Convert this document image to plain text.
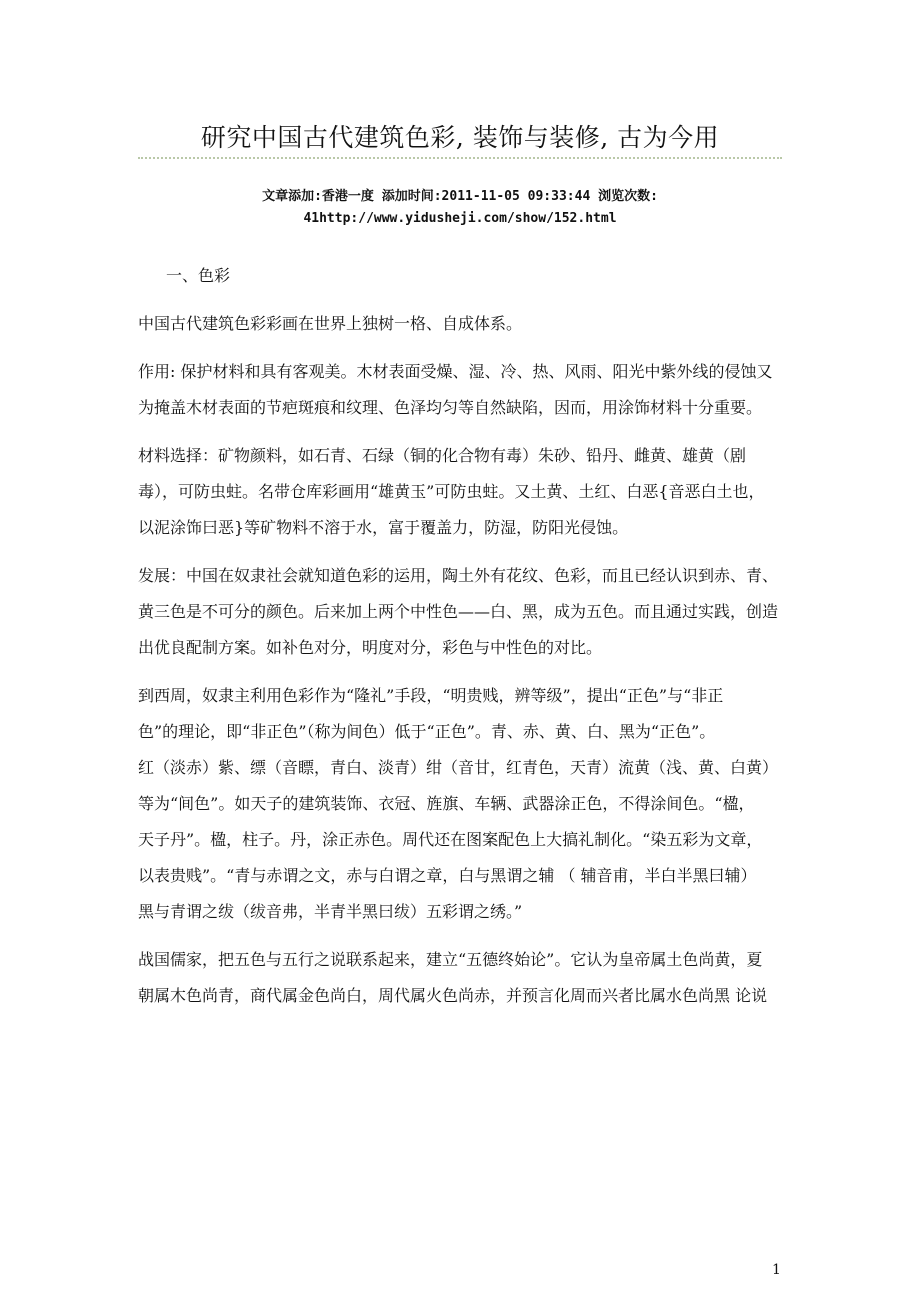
研究中国古代建筑色彩, 装饰与装修, 古为今用
文章添加:香港一度 添加时间:2011-11-05 09:33:44 浏览次数:
41http://www.yidusheji.com/show/152.html
一、色彩
中国古代建筑色彩彩画在世界上独树一格、自成体系。
作用: 保护材料和具有客观美。木材表面受燥、湿、冷、热、风雨、阳光中紫外线的侵蚀又
为掩盖木材表面的节疤斑痕和纹理、色泽均匀等自然缺陷，因而，用涂饰材料十分重要。
材料选择：矿物颜料，如石青、石绿（铜的化合物有毒）朱砂、铅丹、雌黄、雄黄（剧
毒），可防虫蛀。名带仓库彩画用“雄黄玉”可防虫蛀。又土黄、土红、白恶{音恶白土也，
以泥涂饰曰恶}等矿物料不溶于水，富于覆盖力，防湿，防阳光侵蚀。
发展：中国在奴隶社会就知道色彩的运用，陶土外有花纹、色彩，而且已经认识到赤、青、
黄三色是不可分的颜色。后来加上两个中性色——白、黑，成为五色。而且通过实践，创造
出优良配制方案。如补色对分，明度对分，彩色与中性色的对比。
到西周，奴隶主利用色彩作为“隆礼”手段，“明贵贱，辨等级”，提出“正色”与“非正
色”的理论，即“非正色”（称为间色）低于“正色”。青、赤、黄、白、黑为“正色”。
红（淡赤）紫、缥（音瞟，青白、淡青）绀（音甘，红青色，天青）流黄（浅、黄、白黄）
等为“间色”。如天子的建筑装饰、衣冠、旌旗、车辆、武器涂正色，不得涂间色。“楹，
天子丹”。楹，柱子。丹，涂正赤色。周代还在图案配色上大搞礼制化。“染五彩为文章，
以表贵贱”。“青与赤谓之文，赤与白谓之章，白与黑谓之辅 （ 辅音甫，半白半黑曰辅）
黑与青谓之绂（绂音弗，半青半黑曰绂）五彩谓之绣。”
战国儒家，把五色与五行之说联系起来，建立“五德终始论”。它认为皇帝属土色尚黄，夏
朝属木色尚青，商代属金色尚白，周代属火色尚赤，并预言化周而兴者比属水色尚黑 论说
1
